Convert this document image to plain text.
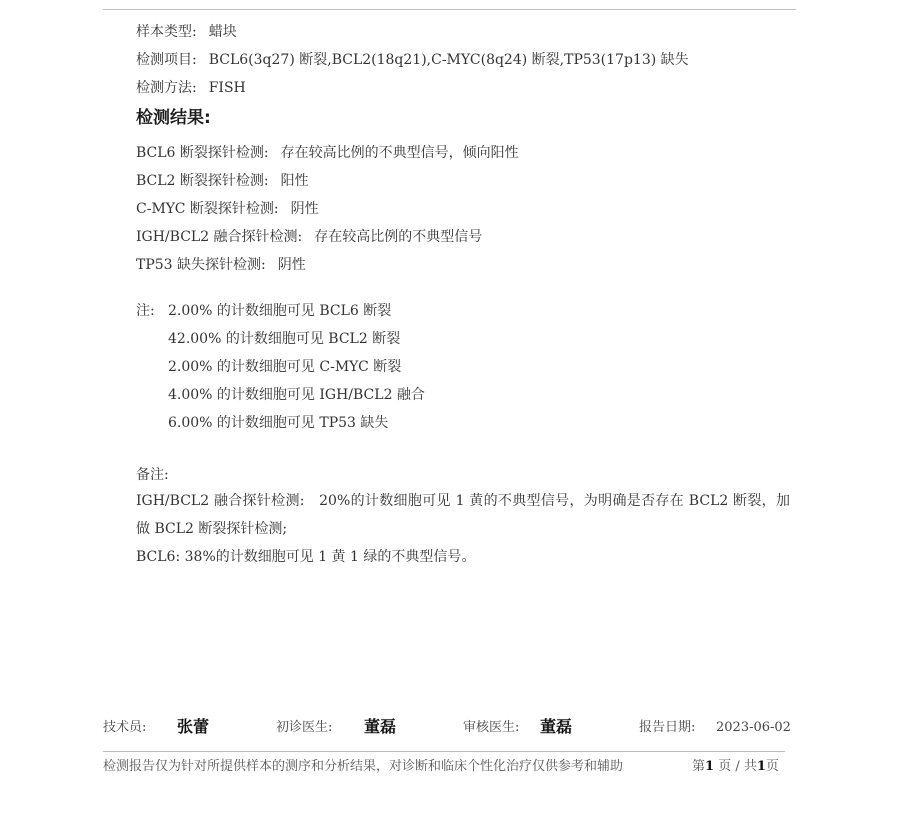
样本类型: 蜡块
检测项目: BCL6(3q27) 断裂,BCL2(18q21),C-MYC(8q24) 断裂,TP53(17p13) 缺失
检测方法: FISH
检测结果:
BCL6 断裂探针检测: 存在较高比例的不典型信号，倾向阳性
BCL2 断裂探针检测: 阳性
C-MYC 断裂探针检测: 阴性
IGH/BCL2 融合探针检测: 存在较高比例的不典型信号
TP53 缺失探针检测: 阴性
注: 2.00% 的计数细胞可见 BCL6 断裂
42.00% 的计数细胞可见 BCL2 断裂
2.00% 的计数细胞可见 C-MYC 断裂
4.00% 的计数细胞可见 IGH/BCL2 融合
6.00% 的计数细胞可见 TP53 缺失
备注:
IGH/BCL2 融合探针检测:　20%的计数细胞可见 1 黄的不典型信号，为明确是否存在 BCL2 断裂，加做 BCL2 断裂探针检测;
BCL6: 38%的计数细胞可见 1 黄 1 绿的不典型信号。
技术员: 张蕾	初诊医生: 董磊	审核医生: 董磊	报告日期: 2023-06-02
检测报告仅为针对所提供样本的测序和分析结果，对诊断和临床个性化治疗仅供参考和辅助	第1 页 / 共1页
